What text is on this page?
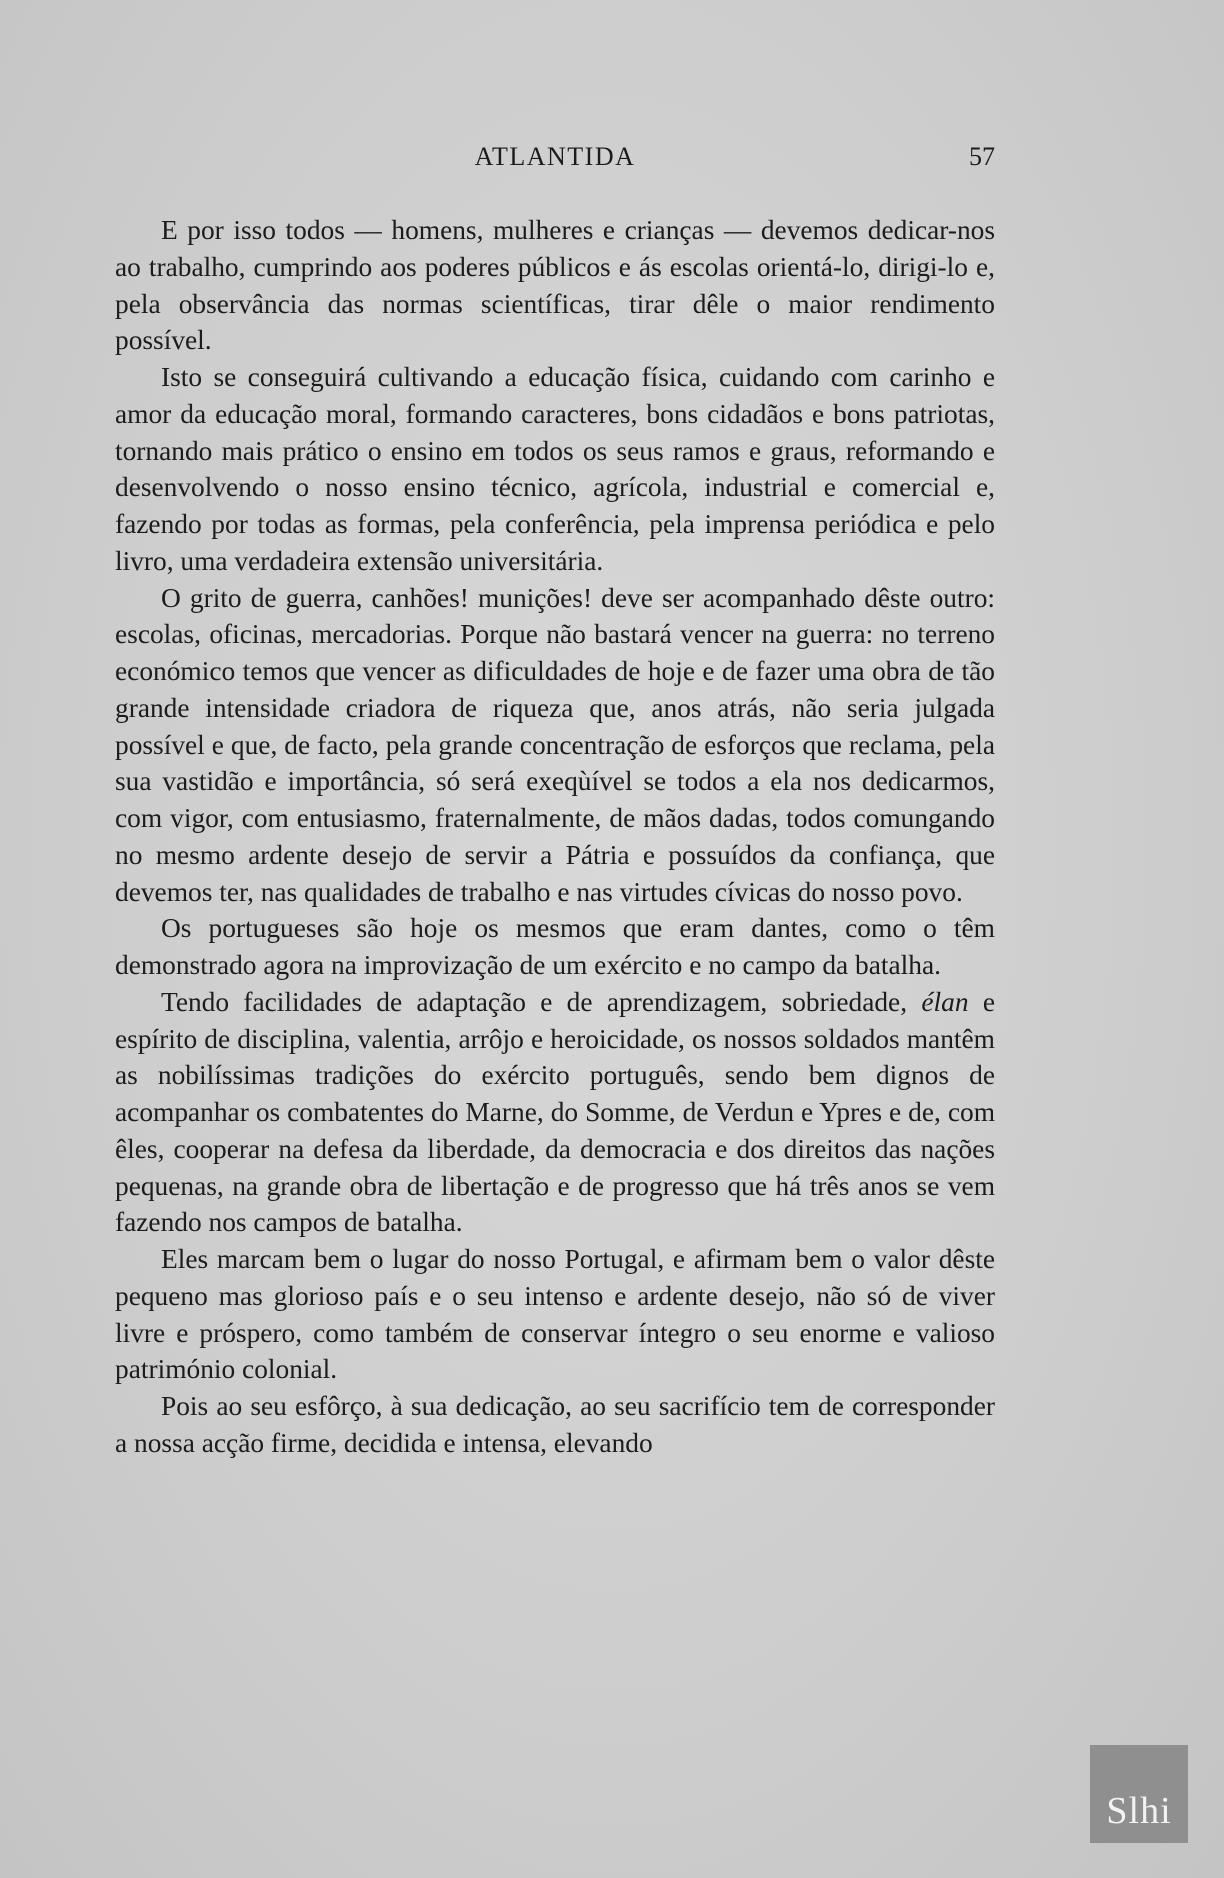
ATLANTIDA	57

E por isso todos — homens, mulheres e crianças — devemos dedicar-nos ao trabalho, cumprindo aos poderes públicos e ás escolas orientá-lo, dirigi-lo e, pela observância das normas scientíficas, tirar dêle o maior rendimento possível.

Isto se conseguirá cultivando a educação física, cuidando com carinho e amor da educação moral, formando caracteres, bons cidadãos e bons patriotas, tornando mais prático o ensino em todos os seus ramos e graus, reformando e desenvolvendo o nosso ensino técnico, agrícola, industrial e comercial e, fazendo por todas as formas, pela conferência, pela imprensa periódica e pelo livro, uma verdadeira extensão universitária.

O grito de guerra, canhões! munições! deve ser acompanhado dêste outro: escolas, oficinas, mercadorias. Porque não bastará vencer na guerra: no terreno económico temos que vencer as dificuldades de hoje e de fazer uma obra de tão grande intensidade criadora de riqueza que, anos atrás, não seria julgada possível e que, de facto, pela grande concentração de esforços que reclama, pela sua vastidão e importância, só será exeqùível se todos a ela nos dedicarmos, com vigor, com entusiasmo, fraternalmente, de mãos dadas, todos comungando no mesmo ardente desejo de servir a Pátria e possuídos da confiança, que devemos ter, nas qualidades de trabalho e nas virtudes cívicas do nosso povo.

Os portugueses são hoje os mesmos que eram dantes, como o têm demonstrado agora na improvização de um exército e no campo da batalha.

Tendo facilidades de adaptação e de aprendizagem, sobriedade, élan e espírito de disciplina, valentia, arrôjo e heroicidade, os nossos soldados mantêm as nobilíssimas tradições do exército português, sendo bem dignos de acompanhar os combatentes do Marne, do Somme, de Verdun e Ypres e de, com êles, cooperar na defesa da liberdade, da democracia e dos direitos das nações pequenas, na grande obra de libertação e de progresso que há três anos se vem fazendo nos campos de batalha.

Eles marcam bem o lugar do nosso Portugal, e afirmam bem o valor dêste pequeno mas glorioso país e o seu intenso e ardente desejo, não só de viver livre e próspero, como também de conservar íntegro o seu enorme e valioso património colonial.

Pois ao seu esfôrço, à sua dedicação, ao seu sacrifício tem de corresponder a nossa acção firme, decidida e intensa, elevando

Slhi
